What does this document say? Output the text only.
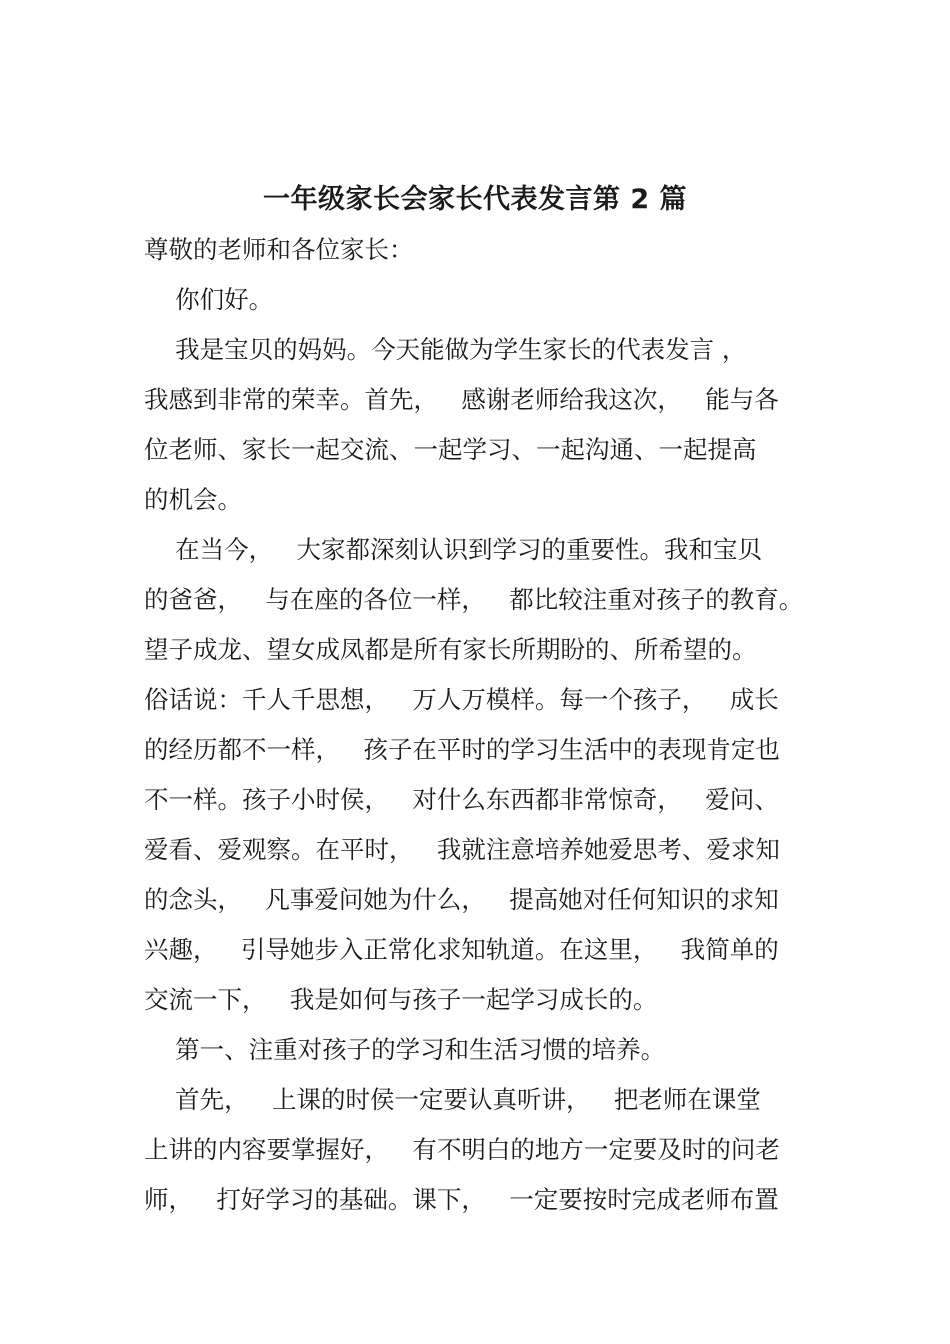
一年级家长会家长代表发言第 2 篇

尊敬的老师和各位家长：

你们好。

我是宝贝的妈妈。今天能做为学生家长的代表发言 ，

我感到非常的荣幸。首先，   感谢老师给我这次，   能与各

位老师、家长一起交流、一起学习、一起沟通、一起提高

的机会。

在当今，   大家都深刻认识到学习的重要性。我和宝贝

的爸爸，   与在座的各位一样，   都比较注重对孩子的教育。

望子成龙、望女成凤都是所有家长所期盼的、所希望的。

俗话说：千人千思想，   万人万模样。每一个孩子，   成长

的经历都不一样，   孩子在平时的学习生活中的表现肯定也

不一样。孩子小时侯，   对什么东西都非常惊奇，   爱问、

爱看、爱观察。在平时，   我就注意培养她爱思考、爱求知

的念头，   凡事爱问她为什么，   提高她对任何知识的求知

兴趣，   引导她步入正常化求知轨道。在这里，   我简单的

交流一下，   我是如何与孩子一起学习成长的。

第一、注重对孩子的学习和生活习惯的培养。

首先，   上课的时侯一定要认真听讲，   把老师在课堂

上讲的内容要掌握好，   有不明白的地方一定要及时的问老

师，   打好学习的基础。课下，   一定要按时完成老师布置
